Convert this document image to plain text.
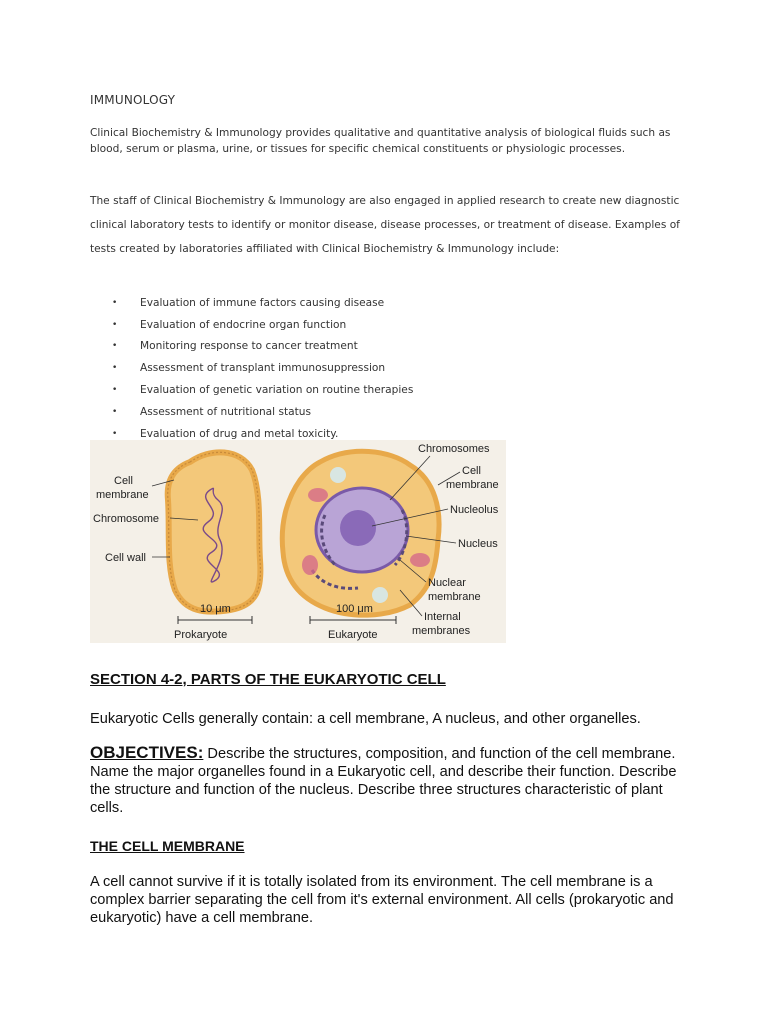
IMMUNOLOGY
Clinical Biochemistry & Immunology provides qualitative and quantitative analysis of biological fluids such as blood, serum or plasma, urine, or tissues for specific chemical constituents or physiologic processes.
The staff of Clinical Biochemistry & Immunology are also engaged in applied research to create new diagnostic clinical laboratory tests to identify or monitor disease, disease processes, or treatment of disease. Examples of tests created by laboratories affiliated with Clinical Biochemistry & Immunology include:
•	Evaluation of immune factors causing disease
•	Evaluation of endocrine organ function
•	Monitoring response to cancer treatment
•	Assessment of transplant immunosuppression
•	Evaluation of genetic variation on routine therapies
•	Assessment of nutritional status
•	Evaluation of drug and metal toxicity.
Cell
membrane
Chromosome
Cell wall
10 μm
Prokaryote
Chromosomes
Cell
membrane
Nucleolus
Nucleus
Nuclear
membrane
Internal
membranes
100 μm
Eukaryote
SECTION 4-2, PARTS OF THE EUKARYOTIC CELL
Eukaryotic Cells generally contain: a cell membrane, A nucleus, and other organelles.
OBJECTIVES: Describe the structures, composition, and function of the cell membrane. Name the major organelles found in a Eukaryotic cell, and describe their function. Describe the structure and function of the nucleus. Describe three structures characteristic of plant cells.
THE CELL MEMBRANE
A cell cannot survive if it is totally isolated from its environment. The cell membrane is a complex barrier separating the cell from it's external environment. All cells (prokaryotic and eukaryotic) have a cell membrane.
